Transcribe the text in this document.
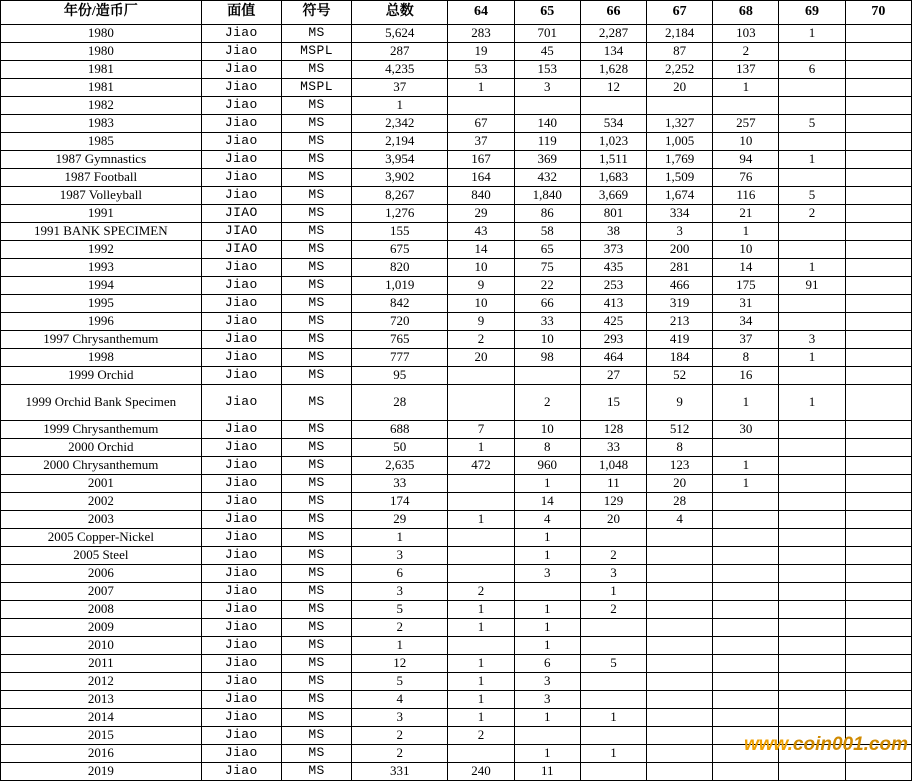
年份/造币厂	面值	符号	总数	64	65	66	67	68	69	70
1980	Jiao	MS	5,624	283	701	2,287	2,184	103	1	
1980	Jiao	MSPL	287	19	45	134	87	2		
1981	Jiao	MS	4,235	53	153	1,628	2,252	137	6	
1981	Jiao	MSPL	37	1	3	12	20	1		
1982	Jiao	MS	1							
1983	Jiao	MS	2,342	67	140	534	1,327	257	5	
1985	Jiao	MS	2,194	37	119	1,023	1,005	10		
1987 Gymnastics	Jiao	MS	3,954	167	369	1,511	1,769	94	1	
1987 Football	Jiao	MS	3,902	164	432	1,683	1,509	76		
1987 Volleyball	Jiao	MS	8,267	840	1,840	3,669	1,674	116	5	
1991	JIAO	MS	1,276	29	86	801	334	21	2	
1991 BANK SPECIMEN	JIAO	MS	155	43	58	38	3	1		
1992	JIAO	MS	675	14	65	373	200	10		
1993	Jiao	MS	820	10	75	435	281	14	1	
1994	Jiao	MS	1,019	9	22	253	466	175	91	
1995	Jiao	MS	842	10	66	413	319	31		
1996	Jiao	MS	720	9	33	425	213	34		
1997 Chrysanthemum	Jiao	MS	765	2	10	293	419	37	3	
1998	Jiao	MS	777	20	98	464	184	8	1	
1999 Orchid	Jiao	MS	95			27	52	16		
1999 Orchid Bank Specimen	Jiao	MS	28		2	15	9	1	1	
1999 Chrysanthemum	Jiao	MS	688	7	10	128	512	30		
2000 Orchid	Jiao	MS	50	1	8	33	8			
2000 Chrysanthemum	Jiao	MS	2,635	472	960	1,048	123	1		
2001	Jiao	MS	33		1	11	20	1		
2002	Jiao	MS	174		14	129	28			
2003	Jiao	MS	29	1	4	20	4			
2005 Copper-Nickel	Jiao	MS	1		1					
2005 Steel	Jiao	MS	3		1	2				
2006	Jiao	MS	6		3	3				
2007	Jiao	MS	3	2		1				
2008	Jiao	MS	5	1	1	2				
2009	Jiao	MS	2	1	1					
2010	Jiao	MS	1		1					
2011	Jiao	MS	12	1	6	5				
2012	Jiao	MS	5	1	3					
2013	Jiao	MS	4	1	3					
2014	Jiao	MS	3	1	1	1				
2015	Jiao	MS	2	2						
2016	Jiao	MS	2		1	1				
2019	Jiao	MS	331	240	11					
www.coin001.com
